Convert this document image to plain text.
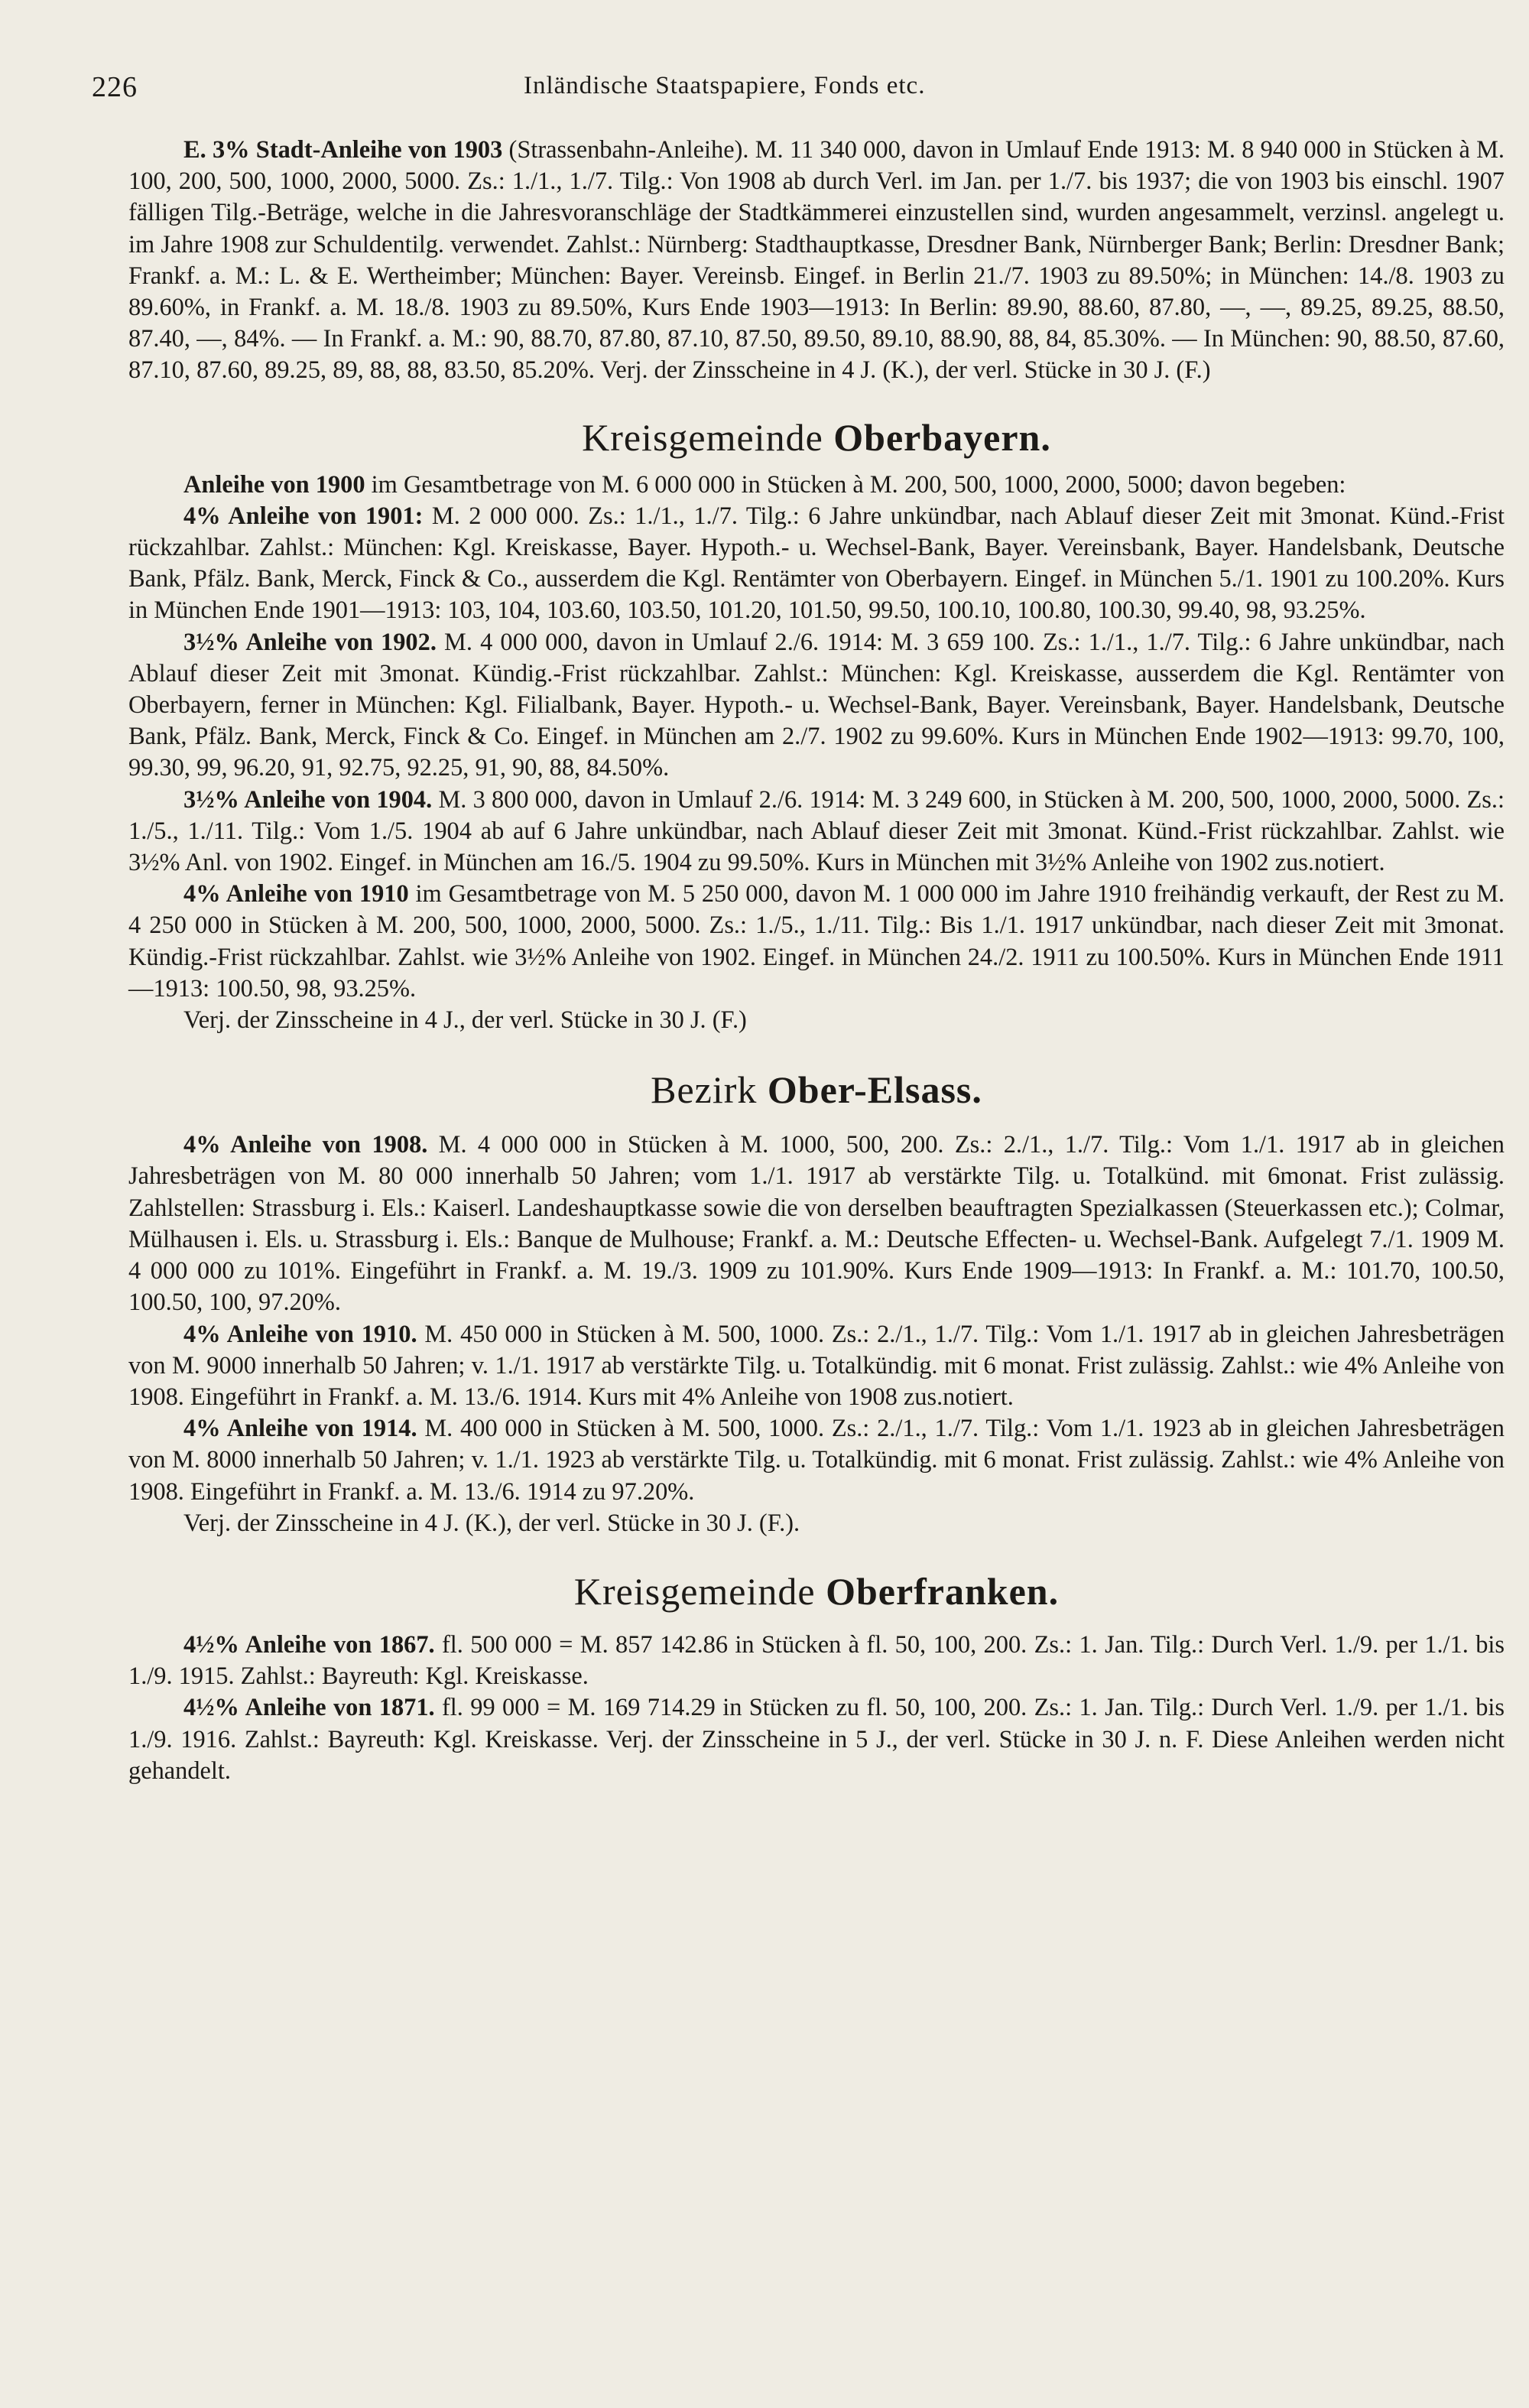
226	Inländische Staatspapiere, Fonds etc.

E. 3% Stadt-Anleihe von 1903 (Strassenbahn-Anleihe). M. 11 340 000, davon in Umlauf Ende 1913: M. 8 940 000 in Stücken à M. 100, 200, 500, 1000, 2000, 5000. Zs.: 1./1., 1./7. Tilg.: Von 1908 ab durch Verl. im Jan. per 1./7. bis 1937; die von 1903 bis einschl. 1907 fälligen Tilg.-Beträge, welche in die Jahresvoranschläge der Stadtkämmerei einzustellen sind, wurden angesammelt, verzinsl. angelegt u. im Jahre 1908 zur Schuldentilg. verwendet. Zahlst.: Nürnberg: Stadthauptkasse, Dresdner Bank, Nürnberger Bank; Berlin: Dresdner Bank; Frankf. a. M.: L. & E. Wertheimber; München: Bayer. Vereinsb. Eingef. in Berlin 21./7. 1903 zu 89.50%; in München: 14./8. 1903 zu 89.60%, in Frankf. a. M. 18./8. 1903 zu 89.50%, Kurs Ende 1903—1913: In Berlin: 89.90, 88.60, 87.80, —, —, 89.25, 89.25, 88.50, 87.40, —, 84%. — In Frankf. a. M.: 90, 88.70, 87.80, 87.10, 87.50, 89.50, 89.10, 88.90, 88, 84, 85.30%. — In München: 90, 88.50, 87.60, 87.10, 87.60, 89.25, 89, 88, 88, 83.50, 85.20%. Verj. der Zinsscheine in 4 J. (K.), der verl. Stücke in 30 J. (F.)

Kreisgemeinde Oberbayern.

Anleihe von 1900 im Gesamtbetrage von M. 6 000 000 in Stücken à M. 200, 500, 1000, 2000, 5000; davon begeben:

4% Anleihe von 1901: M. 2 000 000. Zs.: 1./1., 1./7. Tilg.: 6 Jahre unkündbar, nach Ablauf dieser Zeit mit 3monat. Künd.-Frist rückzahlbar. Zahlst.: München: Kgl. Kreiskasse, Bayer. Hypoth.- u. Wechsel-Bank, Bayer. Vereinsbank, Bayer. Handelsbank, Deutsche Bank, Pfälz. Bank, Merck, Finck & Co., ausserdem die Kgl. Rentämter von Oberbayern. Eingef. in München 5./1. 1901 zu 100.20%. Kurs in München Ende 1901—1913: 103, 104, 103.60, 103.50, 101.20, 101.50, 99.50, 100.10, 100.80, 100.30, 99.40, 98, 93.25%.

3½% Anleihe von 1902. M. 4 000 000, davon in Umlauf 2./6. 1914: M. 3 659 100. Zs.: 1./1., 1./7. Tilg.: 6 Jahre unkündbar, nach Ablauf dieser Zeit mit 3monat. Kündig.-Frist rückzahlbar. Zahlst.: München: Kgl. Kreiskasse, ausserdem die Kgl. Rentämter von Oberbayern, ferner in München: Kgl. Filialbank, Bayer. Hypoth.- u. Wechsel-Bank, Bayer. Vereinsbank, Bayer. Handelsbank, Deutsche Bank, Pfälz. Bank, Merck, Finck & Co. Eingef. in München am 2./7. 1902 zu 99.60%. Kurs in München Ende 1902—1913: 99.70, 100, 99.30, 99, 96.20, 91, 92.75, 92.25, 91, 90, 88, 84.50%.

3½% Anleihe von 1904. M. 3 800 000, davon in Umlauf 2./6. 1914: M. 3 249 600, in Stücken à M. 200, 500, 1000, 2000, 5000. Zs.: 1./5., 1./11. Tilg.: Vom 1./5. 1904 ab auf 6 Jahre unkündbar, nach Ablauf dieser Zeit mit 3monat. Künd.-Frist rückzahlbar. Zahlst. wie 3½% Anl. von 1902. Eingef. in München am 16./5. 1904 zu 99.50%. Kurs in München mit 3½% Anleihe von 1902 zus.notiert.

4% Anleihe von 1910 im Gesamtbetrage von M. 5 250 000, davon M. 1 000 000 im Jahre 1910 freihändig verkauft, der Rest zu M. 4 250 000 in Stücken à M. 200, 500, 1000, 2000, 5000. Zs.: 1./5., 1./11. Tilg.: Bis 1./1. 1917 unkündbar, nach dieser Zeit mit 3monat. Kündig.-Frist rückzahlbar. Zahlst. wie 3½% Anleihe von 1902. Eingef. in München 24./2. 1911 zu 100.50%. Kurs in München Ende 1911—1913: 100.50, 98, 93.25%.

Verj. der Zinsscheine in 4 J., der verl. Stücke in 30 J. (F.)

Bezirk Ober-Elsass.

4% Anleihe von 1908. M. 4 000 000 in Stücken à M. 1000, 500, 200. Zs.: 2./1., 1./7. Tilg.: Vom 1./1. 1917 ab in gleichen Jahresbeträgen von M. 80 000 innerhalb 50 Jahren; vom 1./1. 1917 ab verstärkte Tilg. u. Totalkünd. mit 6monat. Frist zulässig. Zahlstellen: Strassburg i. Els.: Kaiserl. Landeshauptkasse sowie die von derselben beauftragten Spezialkassen (Steuerkassen etc.); Colmar, Mülhausen i. Els. u. Strassburg i. Els.: Banque de Mulhouse; Frankf. a. M.: Deutsche Effecten- u. Wechsel-Bank. Aufgelegt 7./1. 1909 M. 4 000 000 zu 101%. Eingeführt in Frankf. a. M. 19./3. 1909 zu 101.90%. Kurs Ende 1909—1913: In Frankf. a. M.: 101.70, 100.50, 100.50, 100, 97.20%.

4% Anleihe von 1910. M. 450 000 in Stücken à M. 500, 1000. Zs.: 2./1., 1./7. Tilg.: Vom 1./1. 1917 ab in gleichen Jahresbeträgen von M. 9000 innerhalb 50 Jahren; v. 1./1. 1917 ab verstärkte Tilg. u. Totalkündig. mit 6 monat. Frist zulässig. Zahlst.: wie 4% Anleihe von 1908. Eingeführt in Frankf. a. M. 13./6. 1914. Kurs mit 4% Anleihe von 1908 zus.notiert.

4% Anleihe von 1914. M. 400 000 in Stücken à M. 500, 1000. Zs.: 2./1., 1./7. Tilg.: Vom 1./1. 1923 ab in gleichen Jahresbeträgen von M. 8000 innerhalb 50 Jahren; v. 1./1. 1923 ab verstärkte Tilg. u. Totalkündig. mit 6 monat. Frist zulässig. Zahlst.: wie 4% Anleihe von 1908. Eingeführt in Frankf. a. M. 13./6. 1914 zu 97.20%.

Verj. der Zinsscheine in 4 J. (K.), der verl. Stücke in 30 J. (F.).

Kreisgemeinde Oberfranken.

4½% Anleihe von 1867. fl. 500 000 = M. 857 142.86 in Stücken à fl. 50, 100, 200. Zs.: 1. Jan. Tilg.: Durch Verl. 1./9. per 1./1. bis 1./9. 1915. Zahlst.: Bayreuth: Kgl. Kreiskasse.

4½% Anleihe von 1871. fl. 99 000 = M. 169 714.29 in Stücken zu fl. 50, 100, 200. Zs.: 1. Jan. Tilg.: Durch Verl. 1./9. per 1./1. bis 1./9. 1916. Zahlst.: Bayreuth: Kgl. Kreiskasse. Verj. der Zinsscheine in 5 J., der verl. Stücke in 30 J. n. F. Diese Anleihen werden nicht gehandelt.
